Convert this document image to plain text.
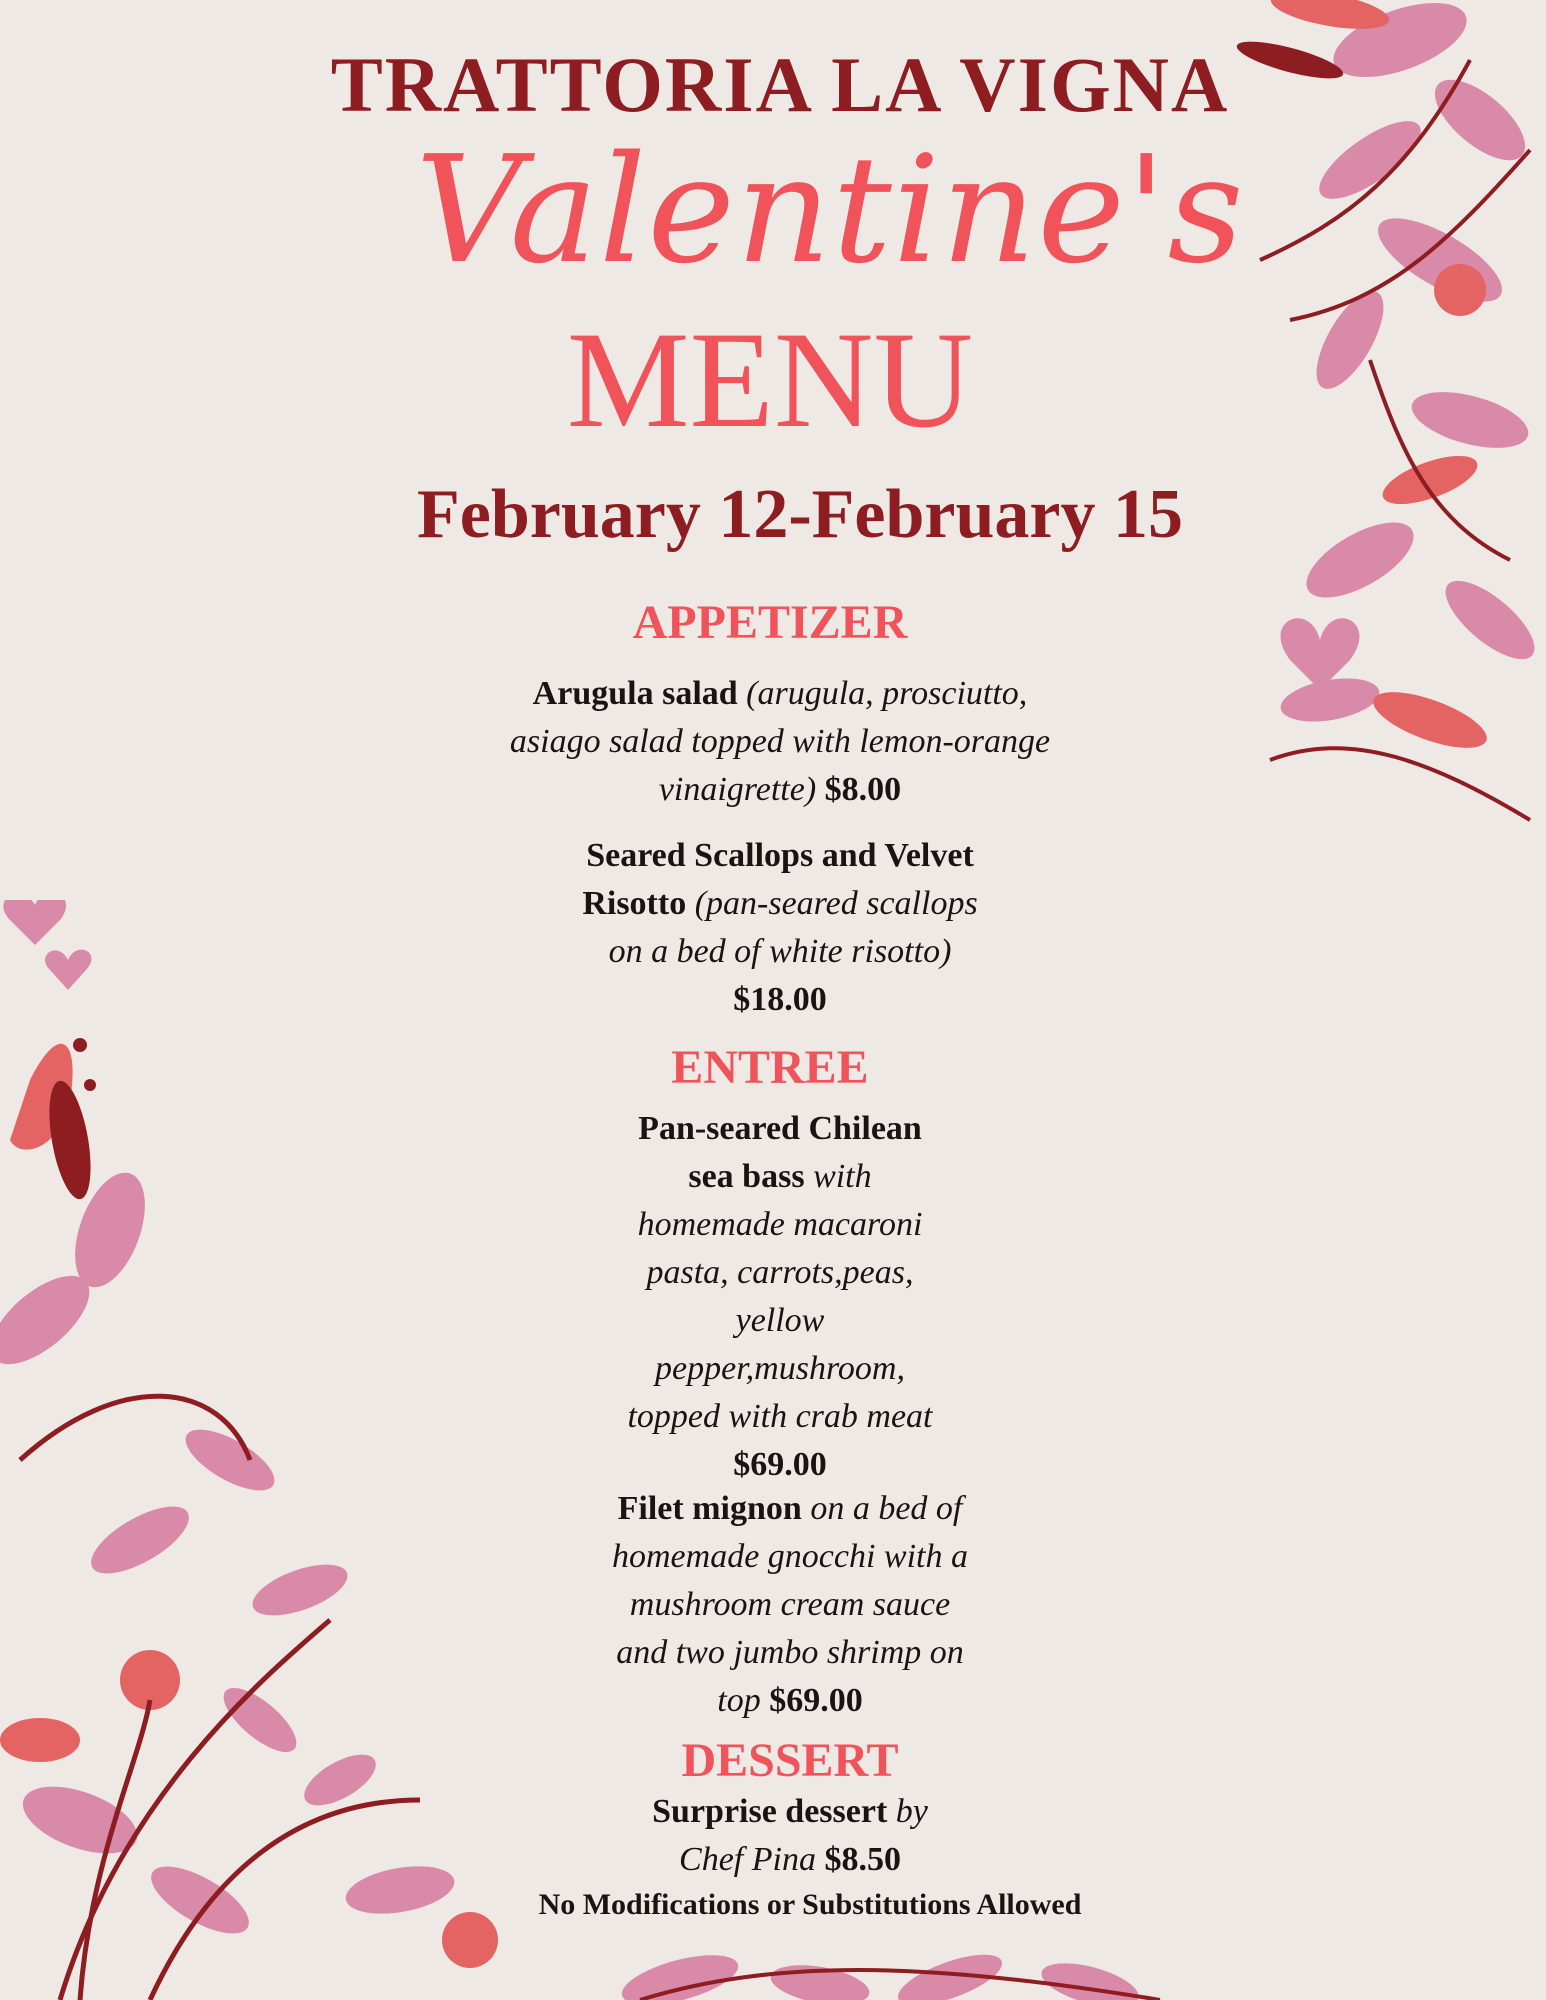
TRATTORIA LA VIGNA
Valentine's
MENU
February 12-February 15
APPETIZER
Arugula salad (arugula, prosciutto, asiago salad topped with lemon-orange vinaigrette) $8.00
Seared Scallops and Velvet Risotto (pan-seared scallops on a bed of white risotto) $18.00
ENTREE
Pan-seared Chilean sea bass with homemade macaroni pasta, carrots,peas, yellow pepper,mushroom, topped with crab meat $69.00
Filet mignon on a bed of homemade gnocchi with a mushroom cream sauce and two jumbo shrimp on top $69.00
DESSERT
Surprise dessert by Chef Pina $8.50
No Modifications or Substitutions Allowed
